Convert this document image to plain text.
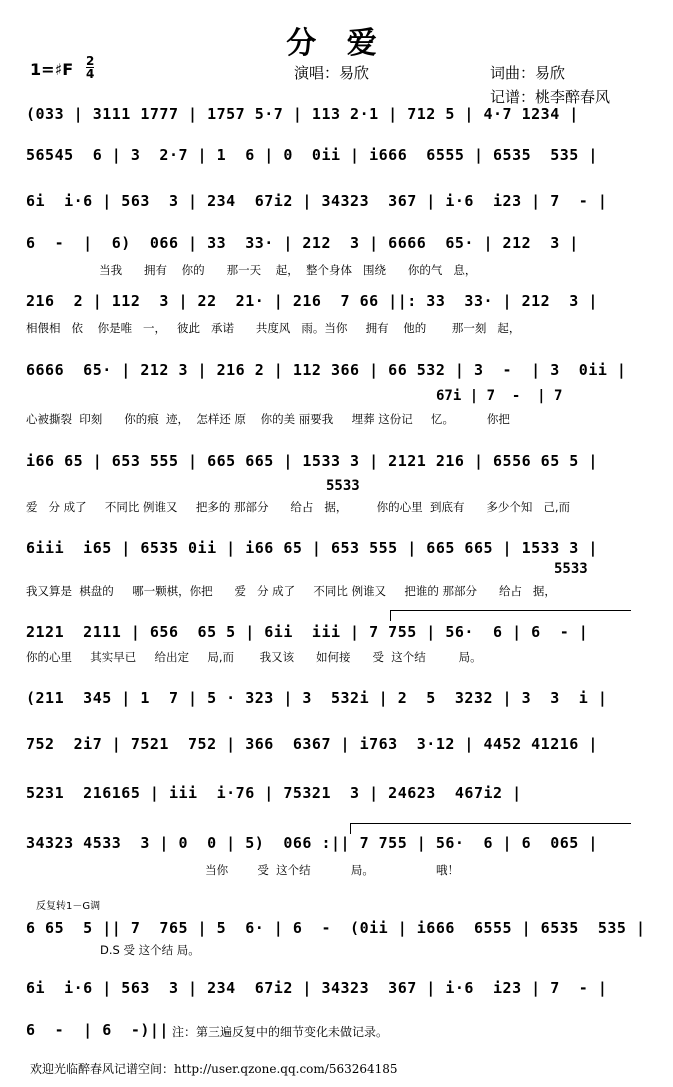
分 爱
1=♯F 2
4	演唱：易欣	词曲：易欣
记谱：桃李醉春风
(033 | 3111 1777 | 1757 5·7 | 113 2·1 | 712 5 | 4·7 1234 |
56545  6 | 3  2·7 | 1  6 | 0  0ii | i666  6555 | 6535  535 |
6i  i·6 | 563  3 | 234  67i2 | 34323  367 | i·6  i23 | 7  - |
6  -  |  6)  066 | 33  33· | 212  3 | 6666  65· | 212  3 |
当我      拥有    你的      那一天    起，  整个身体   围绕      你的气   息，
216  2 | 112  3 | 22  21· | 216  7 66 ||: 33  33· | 212  3 |
相偎相   依    你是唯   一，   彼此   承诺      共度风   雨。当你     拥有    他的       那一刻   起，
6666  65· | 212 3 | 216 2 | 112 366 | 66 532 | 3  -  | 3  0ii |
67i | 7  -  | 7
心被撕裂  印刻      你的痕  迹，  怎样还 原    你的美 丽要我     埋葬 这份记     忆。         你把
i66 65 | 653 555 | 665 665 | 1533 3 | 2121 216 | 6556 65 5 |
5533
爱   分 成了     不同比 例谁又     把多的 那部分      给占   据，        你的心里  到底有      多少个知   己,而
6iii  i65 | 6535 0ii | i66 65 | 653 555 | 665 665 | 1533 3 |
5533
我又算是  棋盘的     哪一颗棋，你把      爱   分 成了     不同比 例谁又     把谁的 那部分      给占   据，
2121  2111 | 656  65 5 | 6ii  iii | 7 755 | 56·  6 | 6  - |
你的心里     其实早已     给出定     局,而       我又该      如何接      受  这个结         局。
(211  345 | 1  7 | 5 · 323 | 3  532i | 2  5  3232 | 3  3  i |
752  2i7 | 7521  752 | 366  6367 | i763  3·12 | 4452 41216 |
5231  216165 | iii  i·76 | 75321  3 | 24623  467i2 |
34323 4533  3 | 0  0 | 5)  066 :|| 7 755 | 56·  6 | 6  065 |
当你        受  这个结           局。                 哦！
反复转1－G调
6 65  5 || 7  765 | 5  6· | 6  -  (0ii | i666  6555 | 6535  535 |
D.S 受 这个结 局。
6i  i·6 | 563  3 | 234  67i2 | 34323  367 | i·6  i23 | 7  - |
6  -  | 6  -)|| 注：第三遍反复中的细节变化未做记录。
欢迎光临醉春风记谱空间：http://user.qzone.qq.com/563264185
